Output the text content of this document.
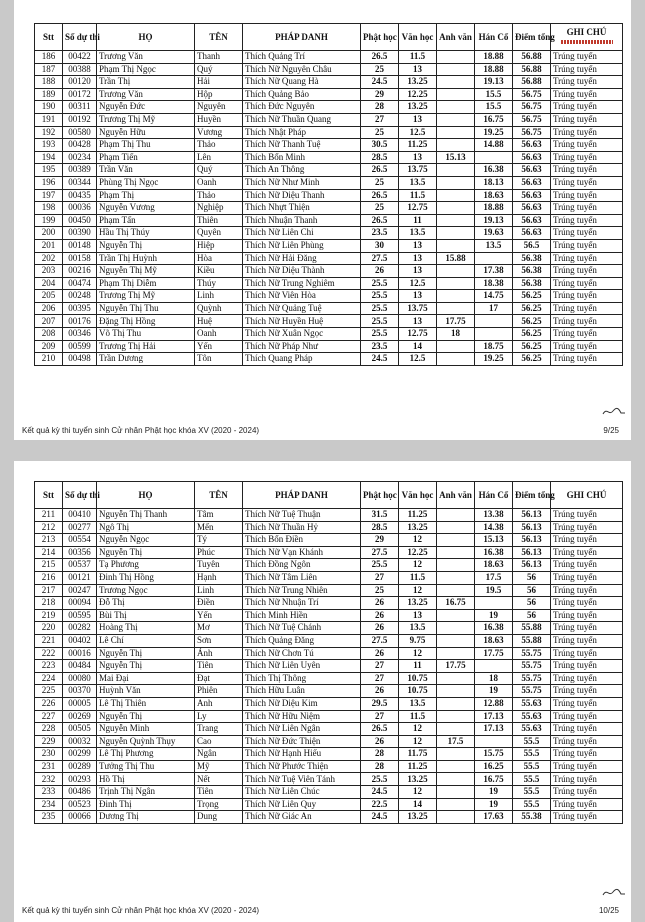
Stt	Số dự thi	HỌ	TÊN	PHÁP DANH	Phật học	Văn học	Anh văn	Hán Cổ	Điểm tổng	GHI CHÚ

186	00422	Trương Văn	Thanh	Thích Quảng Trí	26.5	11.5		18.88	56.88	Trúng tuyển
187	00388	Phạm Thị Ngọc	Quý	Thích Nữ Nguyên Châu	25	13		18.88	56.88	Trúng tuyển
188	00120	Trần Thị	Hải	Thích Nữ Quang Hà	24.5	13.25		19.13	56.88	Trúng tuyển
189	00172	Trương Văn	Hộp	Thích Quảng Bảo	29	12.25		15.5	56.75	Trúng tuyển
190	00311	Nguyễn Đức	Nguyên	Thích Đức Nguyên	28	13.25		15.5	56.75	Trúng tuyển
191	00192	Trương Thị Mỹ	Huyền	Thích Nữ Thuần Quang	27	13		16.75	56.75	Trúng tuyển
192	00580	Nguyễn Hữu	Vương	Thích Nhật Pháp	25	12.5		19.25	56.75	Trúng tuyển
193	00428	Phạm Thị Thu	Thảo	Thích Nữ Thanh Tuệ	30.5	11.25		14.88	56.63	Trúng tuyển
194	00234	Phạm Tiến	Lên	Thích Bổn Minh	28.5	13	15.13		56.63	Trúng tuyển
195	00389	Trần Văn	Quý	Thích An Thông	26.5	13.75		16.38	56.63	Trúng tuyển
196	00344	Phùng Thị Ngọc	Oanh	Thích Nữ Như Minh	25	13.5		18.13	56.63	Trúng tuyển
197	00435	Phạm Thị	Thảo	Thích Nữ Diệu Thanh	26.5	11.5		18.63	56.63	Trúng tuyển
198	00036	Nguyễn Vương	Nghiệp	Thích Nhựt Thiện	25	12.75		18.88	56.63	Trúng tuyển
199	00450	Phạm Tấn	Thiên	Thích Nhuận Thanh	26.5	11		19.13	56.63	Trúng tuyển
200	00390	Hầu Thị Thúy	Quyên	Thích Nữ Liên Chi	23.5	13.5		19.63	56.63	Trúng tuyển
201	00148	Nguyễn Thị	Hiệp	Thích Nữ Liên Phùng	30	13		13.5	56.5	Trúng tuyển
202	00158	Trần Thị Huỳnh	Hòa	Thích Nữ Hải Đăng	27.5	13	15.88		56.38	Trúng tuyển
203	00216	Nguyễn Thị Mỹ	Kiều	Thích Nữ Diệu Thành	26	13		17.38	56.38	Trúng tuyển
204	00474	Phạm Thị Diễm	Thúy	Thích Nữ Trung Nghiêm	25.5	12.5		18.38	56.38	Trúng tuyển
205	00248	Trương Thị Mỹ	Linh	Thích Nữ Viên Hòa	25.5	13		14.75	56.25	Trúng tuyển
206	00395	Nguyễn Thị Thu	Quỳnh	Thích Nữ Quảng Tuệ	25.5	13.75		17	56.25	Trúng tuyển
207	00176	Đặng Thị Hồng	Huệ	Thích Nữ Huyền Huệ	25.5	13	17.75		56.25	Trúng tuyển
208	00346	Võ Thị Thu	Oanh	Thích Nữ Xuân Ngọc	25.5	12.75	18		56.25	Trúng tuyển
209	00599	Trương Thị Hải	Yến	Thích Nữ Pháp Như	23.5	14		18.75	56.25	Trúng tuyển
210	00498	Trần Dương	Tôn	Thích Quang Pháp	24.5	12.5		19.25	56.25	Trúng tuyển
Kết quả kỳ thi tuyển sinh Cử nhân Phật học khóa XV (2020 - 2024)	9/25
Stt	Số dự thi	HỌ	TÊN	PHÁP DANH	Phật học	Văn học	Anh văn	Hán Cổ	Điểm tổng	GHI CHÚ
211	00410	Nguyễn Thị Thanh	Tâm	Thích Nữ Tuệ Thuận	31.5	11.25		13.38	56.13	Trúng tuyển
212	00277	Ngô Thị	Mến	Thích Nữ Thuần Hỷ	28.5	13.25		14.38	56.13	Trúng tuyển
213	00554	Nguyễn Ngọc	Tý	Thích Bổn Điền	29	12		15.13	56.13	Trúng tuyển
214	00356	Nguyễn Thị	Phúc	Thích Nữ Vạn Khánh	27.5	12.25		16.38	56.13	Trúng tuyển
215	00537	Tạ Phương	Tuyên	Thích Đồng Ngôn	25.5	12		18.63	56.13	Trúng tuyển
216	00121	Đinh Thị Hồng	Hạnh	Thích Nữ Tâm Liên	27	11.5		17.5	56	Trúng tuyển
217	00247	Trương Ngọc	Linh	Thích Nữ Trung Nhiên	25	12		19.5	56	Trúng tuyển
218	00094	Đỗ Thị	Điền	Thích Nữ Nhuận Trí	26	13.25	16.75		56	Trúng tuyển
219	00595	Bùi Thị	Yến	Thích Minh Hiền	26	13		19	56	Trúng tuyển
220	00282	Hoàng Thị	Mơ	Thích Nữ Tuệ Chánh	26	13.5		16.38	55.88	Trúng tuyển
221	00402	Lê Chí	Sơn	Thích Quảng Đăng	27.5	9.75		18.63	55.88	Trúng tuyển
222	00016	Nguyễn Thị	Ánh	Thích Nữ Chơn Tú	26	12		17.75	55.75	Trúng tuyển
223	00484	Nguyễn Thị	Tiên	Thích Nữ Liên Uyên	27	11	17.75		55.75	Trúng tuyển
224	00080	Mai Đại	Đạt	Thích Thị Thông	27	10.75		18	55.75	Trúng tuyển
225	00370	Huỳnh Văn	Phiên	Thích Hữu Luân	26	10.75		19	55.75	Trúng tuyển
226	00005	Lê Thị Thiên	Anh	Thích Nữ Diệu Kim	29.5	13.5		12.88	55.63	Trúng tuyển
227	00269	Nguyễn Thị	Ly	Thích Nữ Hữu Niệm	27	11.5		17.13	55.63	Trúng tuyển
228	00505	Nguyễn Minh	Trang	Thích Nữ Liên Ngân	26.5	12		17.13	55.63	Trúng tuyển
229	00032	Nguyễn Quỳnh Thụy	Cao	Thích Nữ Đức Thiện	26	12	17.5		55.5	Trúng tuyển
230	00299	Lê Thị Phương	Ngân	Thích Nữ Hạnh Hiếu	28	11.75		15.75	55.5	Trúng tuyển
231	00289	Tưởng Thị Thu	Mỹ	Thích Nữ Phước Thiện	28	11.25		16.25	55.5	Trúng tuyển
232	00293	Hồ Thị	Nết	Thích Nữ Tuệ Viên Tánh	25.5	13.25		16.75	55.5	Trúng tuyển
233	00486	Trịnh Thị Ngân	Tiên	Thích Nữ Liên Chúc	24.5	12		19	55.5	Trúng tuyển
234	00523	Đinh Thị	Trọng	Thích Nữ Liên Quy	22.5	14		19	55.5	Trúng tuyển
235	00066	Dương Thị	Dung	Thích Nữ Giác An	24.5	13.25		17.63	55.38	Trúng tuyển
Kết quả kỳ thi tuyển sinh Cử nhân Phật học khóa XV (2020 - 2024)	10/25
